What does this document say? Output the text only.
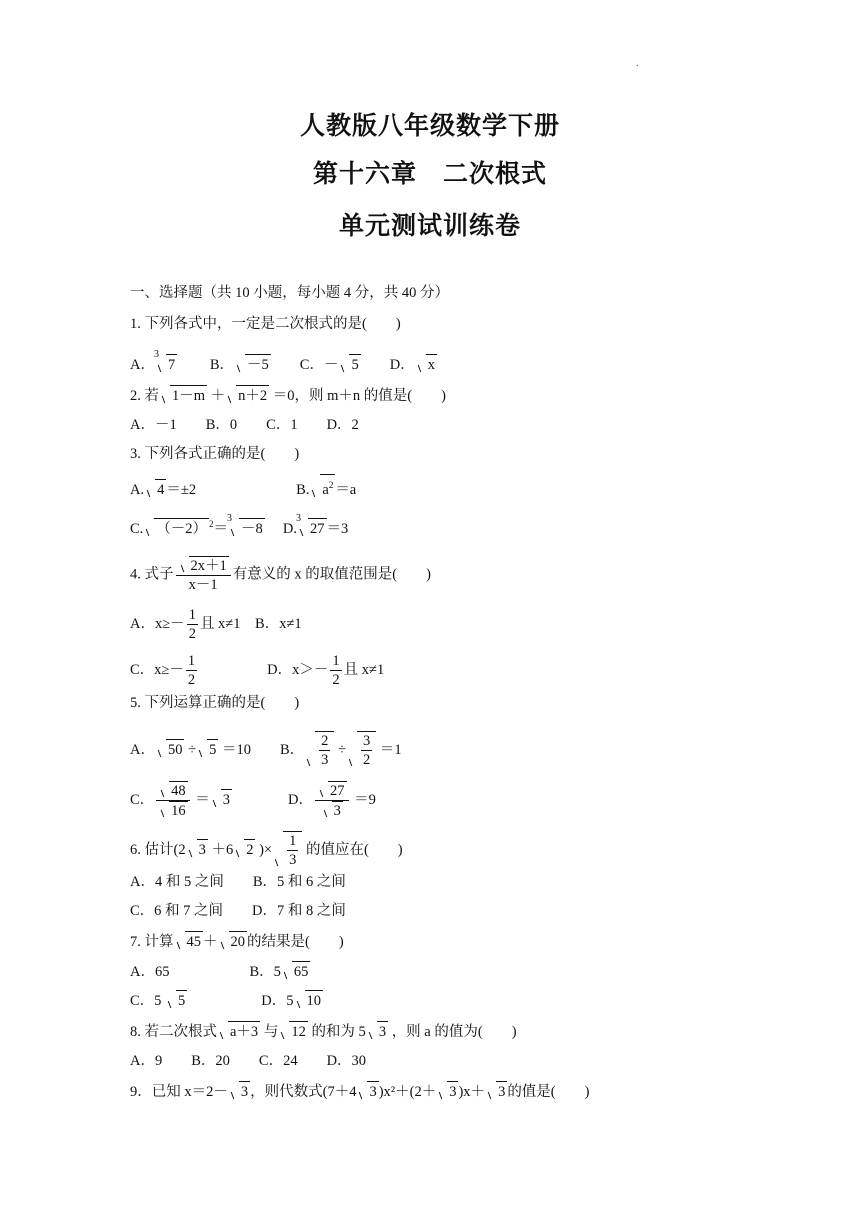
.
人教版八年级数学下册
第十六章　二次根式
单元测试训练卷
一、选择题（共 10 小题，每小题 4 分，共 40 分）
1. 下列各式中，一定是二次根式的是(　　)
A．
3
7　　 B． －5　　C．－ 5　　D． x
2. 若 1－m ＋ n＋2 ＝0，则 m＋n 的值是(　　)
A．－1　　B．0　　C．1　　D．2
3. 下列各式正确的是(　　)
A. 4 ＝±2	B. $a^2 =a$
C. （－2） $^2$＝
3
－8　 D.
3
27 ＝3
4. 式子 $\frac{2x+1}{x-1}$ 有意义的 x 的取值范围是(　　)
A．$x\ge- \frac{1}{2}$ 且 x≠1　B．x≠1
C．$x\ge- \frac{1}{2}$	D．$x>- \frac{1}{2}$ 且 x≠1
5. 下列运算正确的是(　　)
A． 50 ÷ 5 ＝10　　B． $\frac{2}{3} \div \frac{3}{2} =1$
C． $\frac{48}{16} = 3$	D． $\frac{27}{3} =9$
6. 估计(2 3 ＋6 2 )× $\frac{1}{3}$ 的值应在(　　)
A．4 和 5 之间　　B．5 和 6 之间
C．6 和 7 之间　　D．7 和 8 之间
7. 计算 45 ＋ 20 的结果是(　　)
A．65	B．5 65
C．5 5	D．5 10
8. 若二次根式 a＋3 与 12 的和为 5 3 ，则 a 的值为(　　)
A．9　　B．20　　C．24　　D．30
9．已知 x＝2－ 3 ，则代数式(7＋4 3 )x²＋(2＋ 3 )x＋ 3 的值是(　　)
